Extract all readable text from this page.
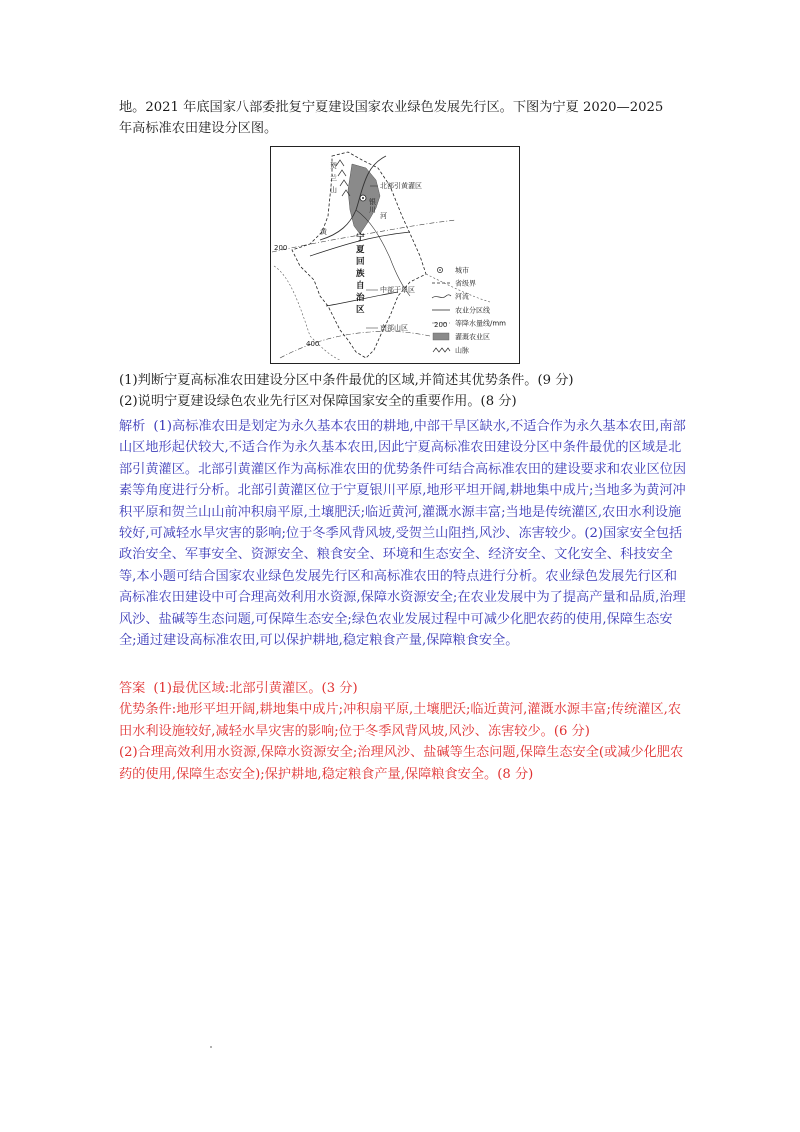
地。2021 年底国家八部委批复宁夏建设国家农业绿色发展先行区。下图为宁夏 2020—2025

年高标准农田建设分区图。

贺
兰
山
银
川
黄
河
宁
夏
回
族
自
治
区
北部引黄灌区
中部干旱区
南部山区
200
400
城市
省级界
河流
农业分区线
200 等降水量线/mm
灌溉农业区
山脉

(1)判断宁夏高标准农田建设分区中条件最优的区域,并简述其优势条件。(9 分)

(2)说明宁夏建设绿色农业先行区对保障国家安全的重要作用。(8 分)

解析 (1)高标准农田是划定为永久基本农田的耕地,中部干旱区缺水,不适合作为永久基本农田,南部山区地形起伏较大,不适合作为永久基本农田,因此宁夏高标准农田建设分区中条件最优的区域是北部引黄灌区。北部引黄灌区作为高标准农田的优势条件可结合高标准农田的建设要求和农业区位因素等角度进行分析。北部引黄灌区位于宁夏银川平原,地形平坦开阔,耕地集中成片;当地多为黄河冲积平原和贺兰山山前冲积扇平原,土壤肥沃;临近黄河,灌溉水源丰富;当地是传统灌区,农田水利设施较好,可减轻水旱灾害的影响;位于冬季风背风坡,受贺兰山阻挡,风沙、冻害较少。(2)国家安全包括政治安全、军事安全、资源安全、粮食安全、环境和生态安全、经济安全、文化安全、科技安全等,本小题可结合国家农业绿色发展先行区和高标准农田的特点进行分析。农业绿色发展先行区和高标准农田建设中可合理高效利用水资源,保障水资源安全;在农业发展中为了提高产量和品质,治理风沙、盐碱等生态问题,可保障生态安全;绿色农业发展过程中可减少化肥农药的使用,保障生态安全;通过建设高标准农田,可以保护耕地,稳定粮食产量,保障粮食安全。

答案 (1)最优区域:北部引黄灌区。(3 分)

优势条件:地形平坦开阔,耕地集中成片;冲积扇平原,土壤肥沃;临近黄河,灌溉水源丰富;传统灌区,农田水利设施较好,减轻水旱灾害的影响;位于冬季风背风坡,风沙、冻害较少。(6 分)

(2)合理高效利用水资源,保障水资源安全;治理风沙、盐碱等生态问题,保障生态安全(或减少化肥农药的使用,保障生态安全);保护耕地,稳定粮食产量,保障粮食安全。(8 分)
